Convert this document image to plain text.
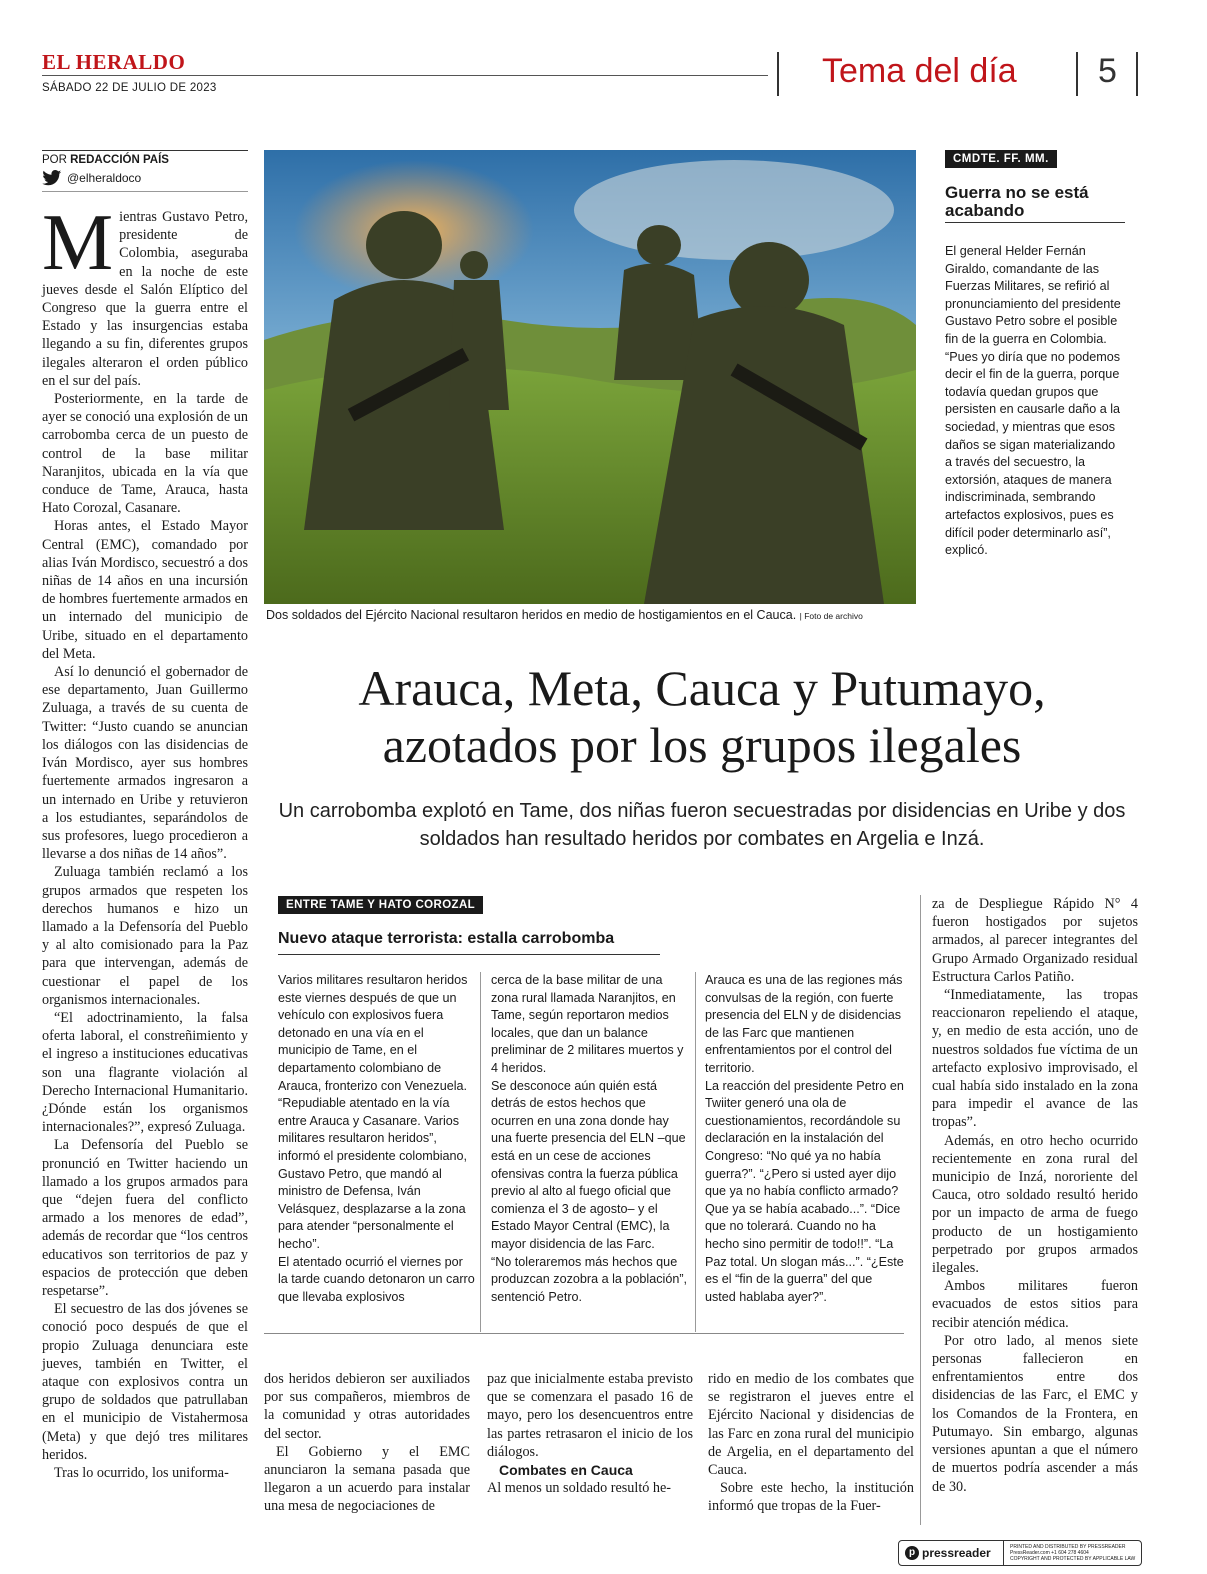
EL HERALDO
SÁBADO 22 DE JULIO DE 2023	Tema del día 5
POR REDACCIÓN PAÍS
@elheraldoco

Mientras Gustavo Petro, presidente de Colombia, aseguraba en la noche de este jueves desde el Salón Elíptico del Congreso que la guerra entre el Estado y las insurgencias estaba llegando a su fin, diferentes grupos ilegales alteraron el orden público en el sur del país.

Posteriormente, en la tarde de ayer se conoció una explosión de un carrobomba cerca de un puesto de control de la base militar Naranjitos, ubicada en la vía que conduce de Tame, Arauca, hasta Hato Corozal, Casanare.

Horas antes, el Estado Mayor Central (EMC), comandado por alias Iván Mordisco, secuestró a dos niñas de 14 años en una incursión de hombres fuertemente armados en un internado del municipio de Uribe, situado en el departamento del Meta.

Así lo denunció el gobernador de ese departamento, Juan Guillermo Zuluaga, a través de su cuenta de Twitter: “Justo cuando se anuncian los diálogos con las disidencias de Iván Mordisco, ayer sus hombres fuertemente armados ingresaron a un internado en Uribe y retuvieron a los estudiantes, separándolos de sus profesores, luego procedieron a llevarse a dos niñas de 14 años”.

Zuluaga también reclamó a los grupos armados que respeten los derechos humanos e hizo un llamado a la Defensoría del Pueblo y al alto comisionado para la Paz para que intervengan, además de cuestionar el papel de los organismos internacionales.

“El adoctrinamiento, la falsa oferta laboral, el constreñimiento y el ingreso a instituciones educativas son una flagrante violación al Derecho Internacional Humanitario. ¿Dónde están los organismos internacionales?”, expresó Zuluaga.

La Defensoría del Pueblo se pronunció en Twitter haciendo un llamado a los grupos armados para que “dejen fuera del conflicto armado a los menores de edad”, además de recordar que “los centros educativos son territorios de paz y espacios de protección que deben respetarse”.

El secuestro de las dos jóvenes se conoció poco después de que el propio Zuluaga denunciara este jueves, también en Twitter, el ataque con explosivos contra un grupo de soldados que patrullaban en el municipio de Vistahermosa (Meta) y que dejó tres militares heridos.

Tras lo ocurrido, los uniforma-

Dos soldados del Ejército Nacional resultaron heridos en medio de hostigamientos en el Cauca. | Foto de archivo
CMDTE. FF. MM.
Guerra no se está acabando
El general Helder Fernán Giraldo, comandante de las Fuerzas Militares, se refirió al pronunciamiento del presidente Gustavo Petro sobre el posible fin de la guerra en Colombia. “Pues yo diría que no podemos decir el fin de la guerra, porque todavía quedan grupos que persisten en causarle daño a la sociedad, y mientras que esos daños se sigan materializando a través del secuestro, la extorsión, ataques de manera indiscriminada, sembrando artefactos explosivos, pues es difícil poder determinarlo así”, explicó.
Arauca, Meta, Cauca y Putumayo,
azotados por los grupos ilegales
Un carrobomba explotó en Tame, dos niñas fueron secuestradas por disidencias en Uribe y dos soldados han resultado heridos por combates en Argelia e Inzá.
ENTRE TAME Y HATO COROZAL
Nuevo ataque terrorista: estalla carrobomba

Varios militares resultaron heridos este viernes después de que un vehículo con explosivos fuera detonado en una vía en el municipio de Tame, en el departamento colombiano de Arauca, fronterizo con Venezuela.

“Repudiable atentado en la vía entre Arauca y Casanare. Varios militares resultaron heridos”, informó el presidente colombiano, Gustavo Petro, que mandó al ministro de Defensa, Iván Velásquez, desplazarse a la zona para atender “personalmente el hecho”.

El atentado ocurrió el viernes por la tarde cuando detonaron un carro que llevaba explosivos

cerca de la base militar de una zona rural llamada Naranjitos, en Tame, según reportaron medios locales, que dan un balance preliminar de 2 militares muertos y 4 heridos.

Se desconoce aún quién está detrás de estos hechos que ocurren en una zona donde hay una fuerte presencia del ELN –que está en un cese de acciones ofensivas contra la fuerza pública previo al alto al fuego oficial que comienza el 3 de agosto– y el Estado Mayor Central (EMC), la mayor disidencia de las Farc.

“No toleraremos más hechos que produzcan zozobra a la población”, sentenció Petro.

Arauca es una de las regiones más convulsas de la región, con fuerte presencia del ELN y de disidencias de las Farc que mantienen enfrentamientos por el control del territorio.

La reacción del presidente Petro en Twiiter generó una ola de cuestionamientos, recordándole su declaración en la instalación del Congreso: “No qué ya no había guerra?”. “¿Pero si usted ayer dijo que ya no había conflicto armado? Que ya se había acabado...”. “Dice que no tolerará. Cuando no ha hecho sino permitir de todo!!”. “La Paz total. Un slogan más...”. “¿Este es el “fin de la guerra” del que usted hablaba ayer?”.

dos heridos debieron ser auxiliados por sus compañeros, miembros de la comunidad y otras autoridades del sector.

El Gobierno y el EMC anunciaron la semana pasada que llegaron a un acuerdo para instalar una mesa de negociaciones de

paz que inicialmente estaba previsto que se comenzara el pasado 16 de mayo, pero los desencuentros entre las partes retrasaron el inicio de los diálogos.

Combates en Cauca

Al menos un soldado resultó he-

rido en medio de los combates que se registraron el jueves entre el Ejército Nacional y disidencias de las Farc en zona rural del municipio de Argelia, en el departamento del Cauca.

Sobre este hecho, la institución informó que tropas de la Fuer-

za de Despliegue Rápido N° 4 fueron hostigados por sujetos armados, al parecer integrantes del Grupo Armado Organizado residual Estructura Carlos Patiño.

“Inmediatamente, las tropas reaccionaron repeliendo el ataque, y, en medio de esta acción, uno de nuestros soldados fue víctima de un artefacto explosivo improvisado, el cual había sido instalado en la zona para impedir el avance de las tropas”.

Además, en otro hecho ocurrido recientemente en zona rural del municipio de Inzá, nororiente del Cauca, otro soldado resultó herido por un impacto de arma de fuego producto de un hostigamiento perpetrado por grupos armados ilegales.

Ambos militares fueron evacuados de estos sitios para recibir atención médica.

Por otro lado, al menos siete personas fallecieron en enfrentamientos entre dos disidencias de las Farc, el EMC y los Comandos de la Frontera, en Putumayo. Sin embargo, algunas versiones apuntan a que el número de muertos podría ascender a más de 30.

p pressreader	PRINTED AND DISTRIBUTED BY PRESSREADER
PressReader.com +1 604 278 4604
COPYRIGHT AND PROTECTED BY APPLICABLE LAW
